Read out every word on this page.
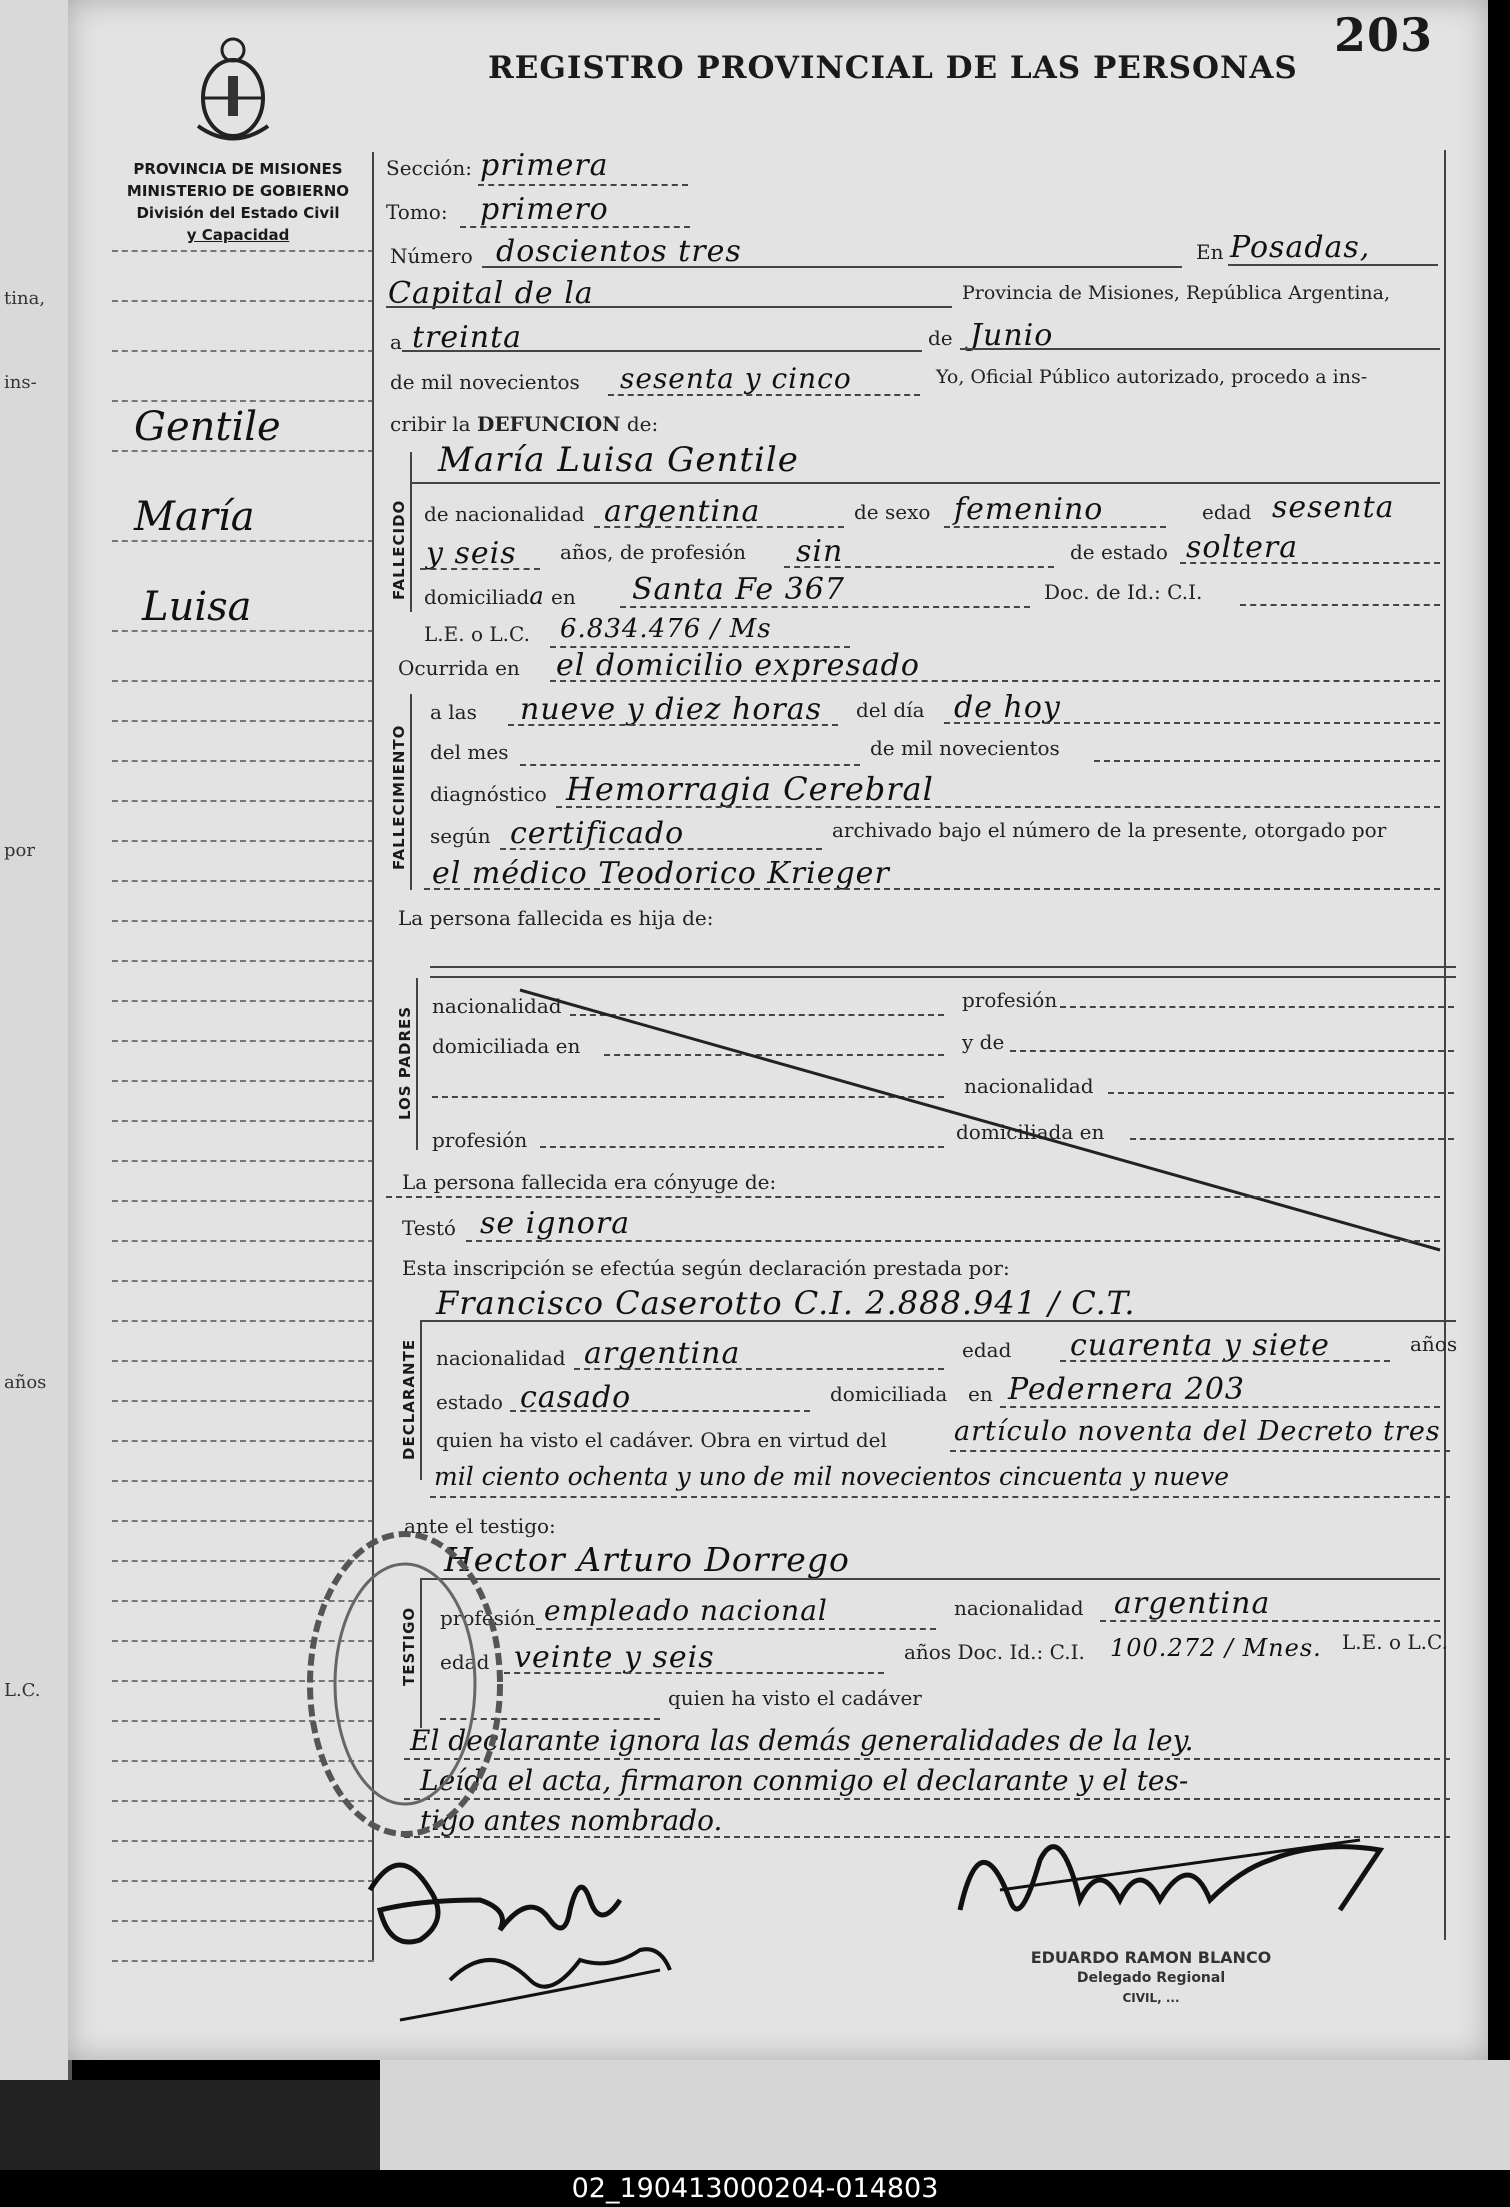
tina,
ins-
por
años
L.C.
203
PROVINCIA DE MISIONES
MINISTERIO DE GOBIERNO
División del Estado Civil
y Capacidad
REGISTRO PROVINCIAL DE LAS PERSONAS
Gentile
María
Luisa
Sección: primera
Tomo: primero
Número doscientos tres	En Posadas,
Capital de la	Provincia de Misiones, República Argentina,
a treinta	de Junio
de mil novecientos sesenta y cinco	Yo, Oficial Público autorizado, procedo a ins-
cribir la DEFUNCION de:
FALLECIDO
María Luisa Gentile
de nacionalidad argentina	de sexo femenino	edad sesenta
y seis años, de profesión sin	de estado soltera
domiciliada en Santa Fe 367	Doc. de Id.: C.I.
L.E. o L.C. 6.834.476 / Ms
Ocurrida en el domicilio expresado
FALLECIMIENTO
a las nueve y diez horas del día de hoy
del mes	de mil novecientos
diagnóstico Hemorragia Cerebral
según certificado	archivado bajo el número de la presente, otorgado por
el médico Teodorico Krieger
La persona fallecida es hija de:
LOS PADRES nacionalidad	profesión
domiciliada en	y de
nacionalidad
profesión	domiciliada en
La persona fallecida era cónyuge de:
Testó se ignora
Esta inscripción se efectúa según declaración prestada por:
Francisco Caserotto C.I. 2.888.941 / C.T.
DECLARANTE nacionalidad argentina	edad cuarenta y siete	años
estado casado	domiciliada en Pedernera 203
quien ha visto el cadáver. Obra en virtud del artículo noventa del Decreto tres
mil ciento ochenta y uno de mil novecientos cincuenta y nueve
ante el testigo:
Hector Arturo Dorrego
TESTIGO profesión empleado nacional	nacionalidad argentina
edad veinte y seis	años Doc. Id.: C.I. 100.272 / Mnes. L.E. o L.C.
quien ha visto el cadáver
El declarante ignora las demás generalidades de la ley.
Leída el acta, firmaron conmigo el declarante y el tes-
tigo antes nombrado.
EDUARDO RAMON BLANCO
Delegado Regional
CIVIL, ...
02_190413000204-014803
